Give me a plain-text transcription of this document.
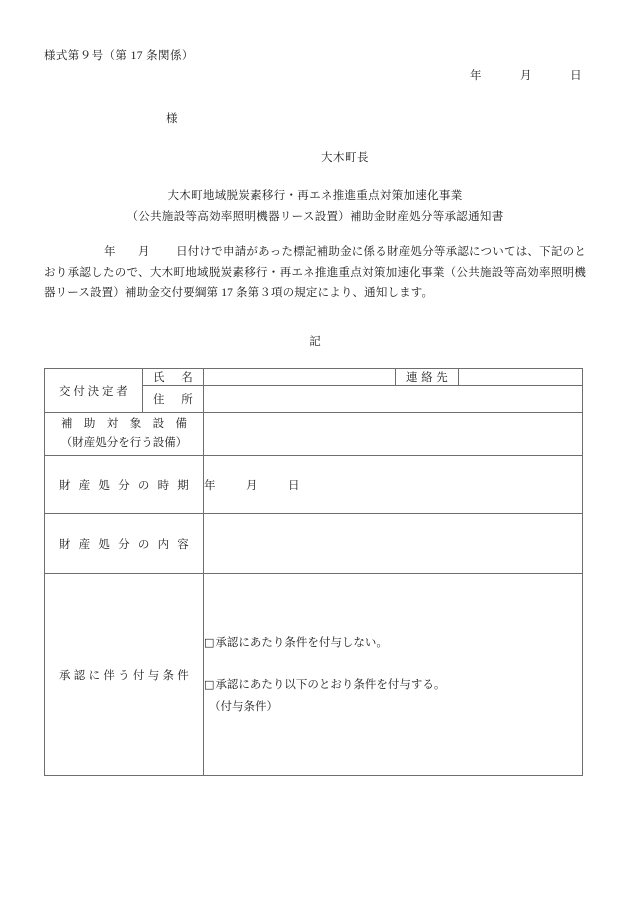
様式第９号（第 17 条関係）
年	月	日
様
大木町長
大木町地域脱炭素移行・再エネ推進重点対策加速化事業
（公共施設等高効率照明機器リース設置）補助金財産処分等承認通知書
年 月 日付けで申請があった標記補助金に係る財産処分等承認については、下記のとおり承認したので、大木町地域脱炭素移行・再エネ推進重点対策加速化事業（公共施設等高効率照明機器リース設置）補助金交付要綱第 17 条第３項の規定により、通知します。
記
交付決定者	氏　名		連絡先	

	住　所			

補助対象設備
（財産処分を行う設備）				

財産処分の時期		年 月 日		

財産処分の内容				

承認に伴う付与条件		□承認にあたり条件を付与しない。
□承認にあたり以下のとおり条件を付与する。
（付与条件）		
